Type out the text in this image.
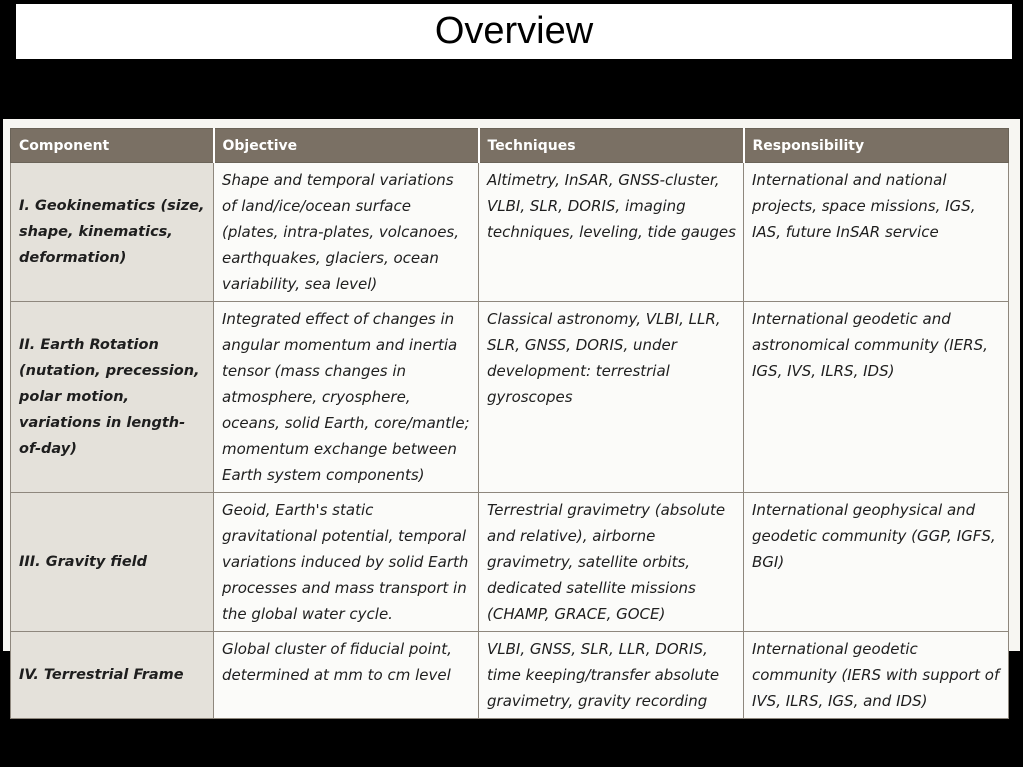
Overview
Component	Objective	Techniques	Responsibility
I. Geokinematics (size, shape, kinematics, deformation)	Shape and temporal variations of land/ice/ocean surface (plates, intra-plates, volcanoes, earthquakes, glaciers, ocean variability, sea level)	Altimetry, InSAR, GNSS-cluster, VLBI, SLR, DORIS, imaging techniques, leveling, tide gauges	International and national projects, space missions, IGS, IAS, future InSAR service
II. Earth Rotation (nutation, precession, polar motion, variations in length-of-day)	Integrated effect of changes in angular momentum and inertia tensor (mass changes in atmosphere, cryosphere, oceans, solid Earth, core/mantle; momentum exchange between Earth system components)	Classical astronomy, VLBI, LLR, SLR, GNSS, DORIS, under development: terrestrial gyroscopes	International geodetic and astronomical community (IERS, IGS, IVS, ILRS, IDS)
III. Gravity field	Geoid, Earth's static gravitational potential, temporal variations induced by solid Earth processes and mass transport in the global water cycle.	Terrestrial gravimetry (absolute and relative), airborne gravimetry, satellite orbits, dedicated satellite missions (CHAMP, GRACE, GOCE)	International geophysical and geodetic community (GGP, IGFS, BGI)
IV. Terrestrial Frame	Global cluster of fiducial point, determined at mm to cm level	VLBI, GNSS, SLR, LLR, DORIS, time keeping/transfer absolute gravimetry, gravity recording	International geodetic community (IERS with support of IVS, ILRS, IGS, and IDS)
